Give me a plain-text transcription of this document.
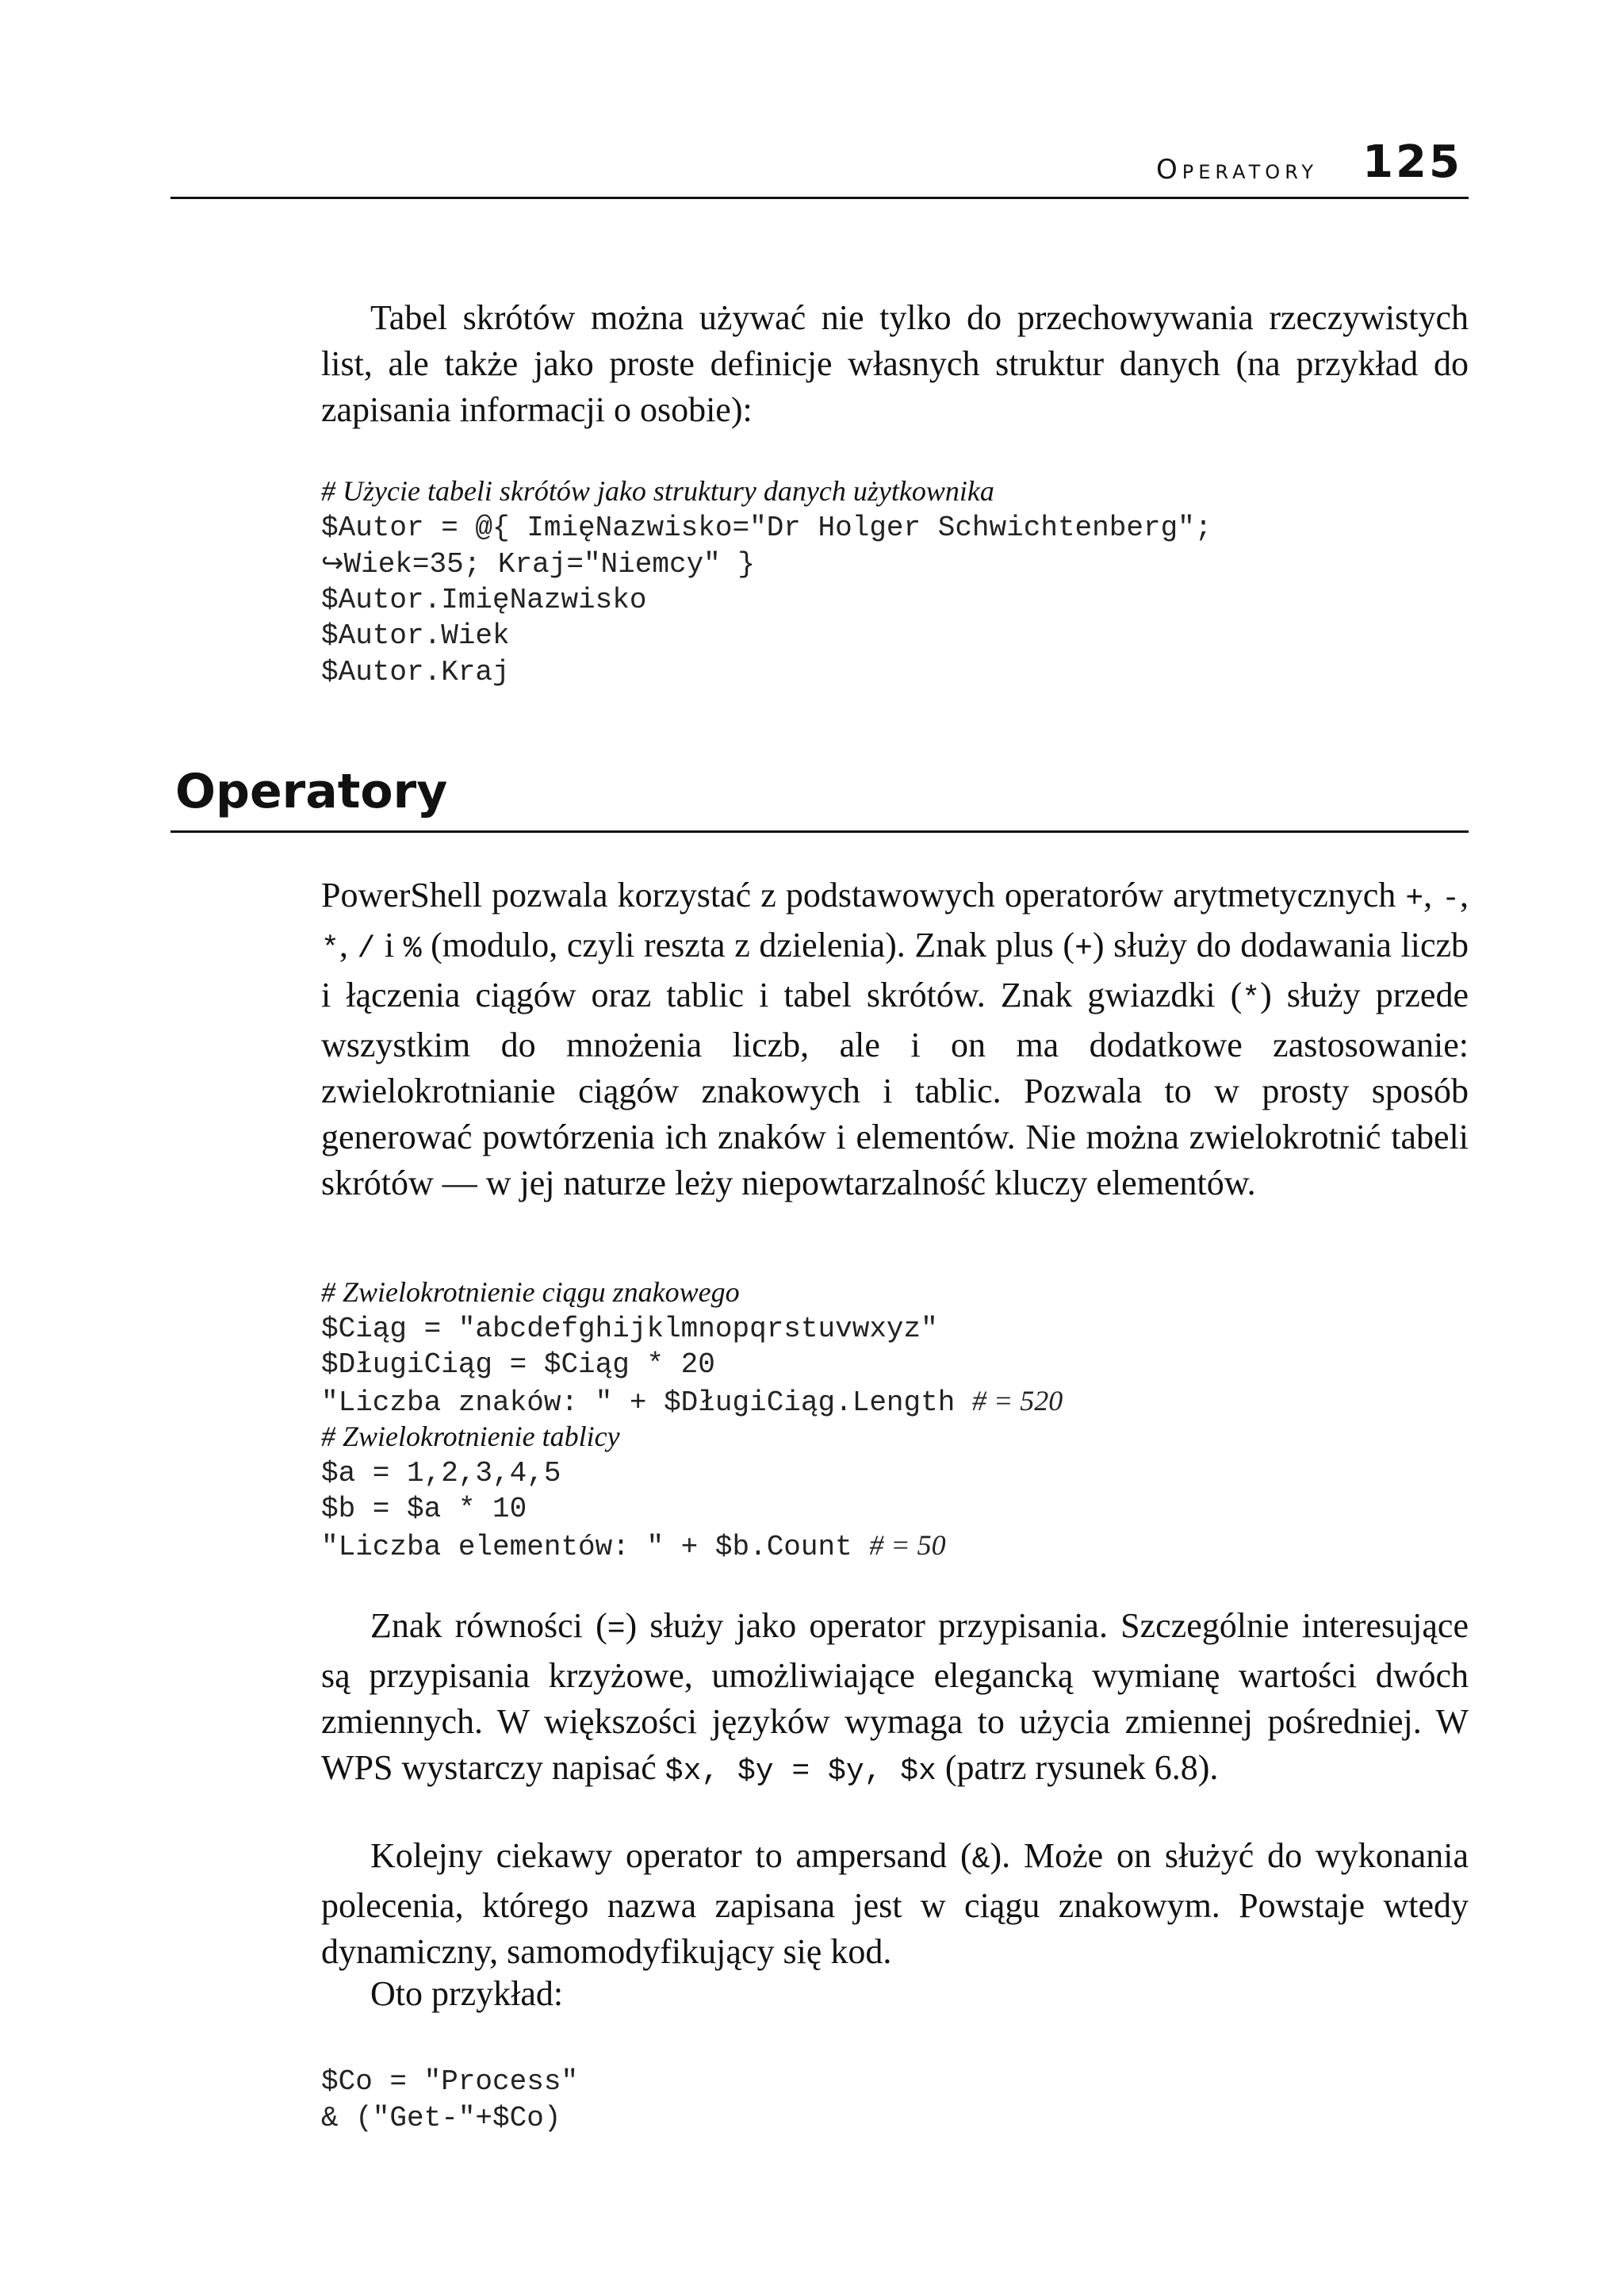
Operatory 125

Tabel skrótów można używać nie tylko do przechowywania rzeczywistych list, ale także jako proste definicje własnych struktur danych (na przykład do zapisania informacji o osobie):

# Użycie tabeli skrótów jako struktury danych użytkownika
$Autor = @{ ImięNazwisko="Dr Holger Schwichtenberg";
↪Wiek=35; Kraj="Niemcy" }
$Autor.ImięNazwisko
$Autor.Wiek
$Autor.Kraj
Operatory

PowerShell pozwala korzystać z podstawowych operatorów arytmetycznych +, -, *, / i % (modulo, czyli reszta z dzielenia). Znak plus (+) służy do dodawania liczb i łączenia ciągów oraz tablic i tabel skrótów. Znak gwiazdki (*) służy przede wszystkim do mnożenia liczb, ale i on ma dodatkowe zastosowanie: zwielokrotnianie ciągów znakowych i tablic. Pozwala to w prosty sposób generować powtórzenia ich znaków i elementów. Nie można zwielokrotnić tabeli skrótów — w jej naturze leży niepowtarzalność kluczy elementów.

# Zwielokrotnienie ciągu znakowego
$Ciąg = "abcdefghijklmnopqrstuvwxyz"
$DługiCiąg = $Ciąg * 20
"Liczba znaków: " + $DługiCiąg.Length # = 520
# Zwielokrotnienie tablicy
$a = 1,2,3,4,5
$b = $a * 10
"Liczba elementów: " + $b.Count # = 50

Znak równości (=) służy jako operator przypisania. Szczególnie interesujące są przypisania krzyżowe, umożliwiające elegancką wymianę wartości dwóch zmiennych. W większości języków wymaga to użycia zmiennej pośredniej. W WPS wystarczy napisać $x, $y = $y, $x (patrz rysunek 6.8).

Kolejny ciekawy operator to ampersand (&). Może on służyć do wykonania polecenia, którego nazwa zapisana jest w ciągu znakowym. Powstaje wtedy dynamiczny, samomodyfikujący się kod.

Oto przykład:

$Co = "Process"
& ("Get-"+$Co)
